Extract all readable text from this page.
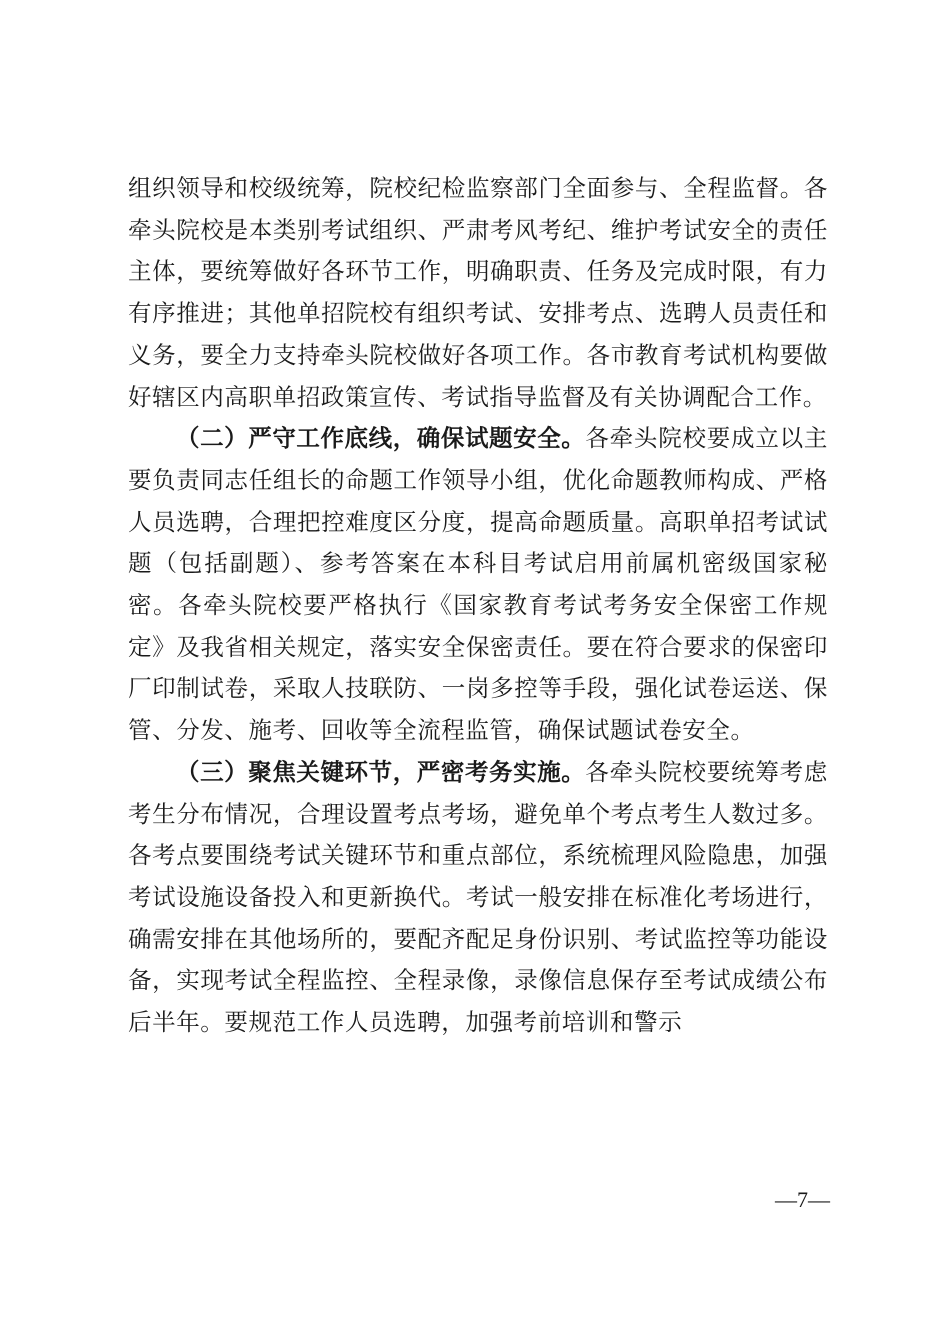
组织领导和校级统筹，院校纪检监察部门全面参与、全程监督。各牵头院校是本类别考试组织、严肃考风考纪、维护考试安全的责任主体，要统筹做好各环节工作，明确职责、任务及完成时限，有力有序推进；其他单招院校有组织考试、安排考点、选聘人员责任和义务，要全力支持牵头院校做好各项工作。各市教育考试机构要做好辖区内高职单招政策宣传、考试指导监督及有关协调配合工作。

（二）严守工作底线，确保试题安全。各牵头院校要成立以主要负责同志任组长的命题工作领导小组，优化命题教师构成、严格人员选聘，合理把控难度区分度，提高命题质量。高职单招考试试题（包括副题）、参考答案在本科目考试启用前属机密级国家秘密。各牵头院校要严格执行《国家教育考试考务安全保密工作规定》及我省相关规定，落实安全保密责任。要在符合要求的保密印厂印制试卷，采取人技联防、一岗多控等手段，强化试卷运送、保管、分发、施考、回收等全流程监管，确保试题试卷安全。

（三）聚焦关键环节，严密考务实施。各牵头院校要统筹考虑考生分布情况，合理设置考点考场，避免单个考点考生人数过多。各考点要围绕考试关键环节和重点部位，系统梳理风险隐患，加强考试设施设备投入和更新换代。考试一般安排在标准化考场进行，确需安排在其他场所的，要配齐配足身份识别、考试监控等功能设备，实现考试全程监控、全程录像，录像信息保存至考试成绩公布后半年。要规范工作人员选聘，加强考前培训和警示

—7—
